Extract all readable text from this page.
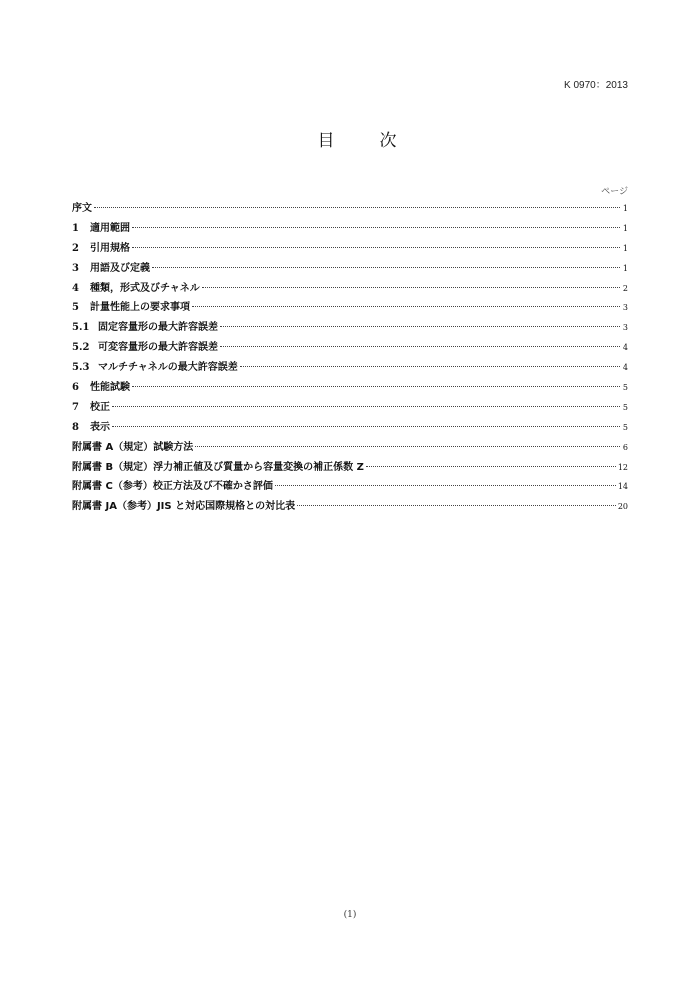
K 0970：2013
目　次
ページ
序文	1
1	適用範囲	1
2	引用規格	1
3	用語及び定義	1
4	種類，形式及びチャネル	2
5	計量性能上の要求事項	3
5.1 固定容量形の最大許容誤差	3
5.2 可変容量形の最大許容誤差	4
5.3 マルチチャネルの最大許容誤差	4
6	性能試験	5
7	校正	5
8	表示	5
附属書 A（規定）試験方法	6
附属書 B（規定）浮力補正値及び質量から容量変換の補正係数 Z	12
附属書 C（参考）校正方法及び不確かさ評価	14
附属書 JA（参考）JIS と対応国際規格との対比表	20
(1)
